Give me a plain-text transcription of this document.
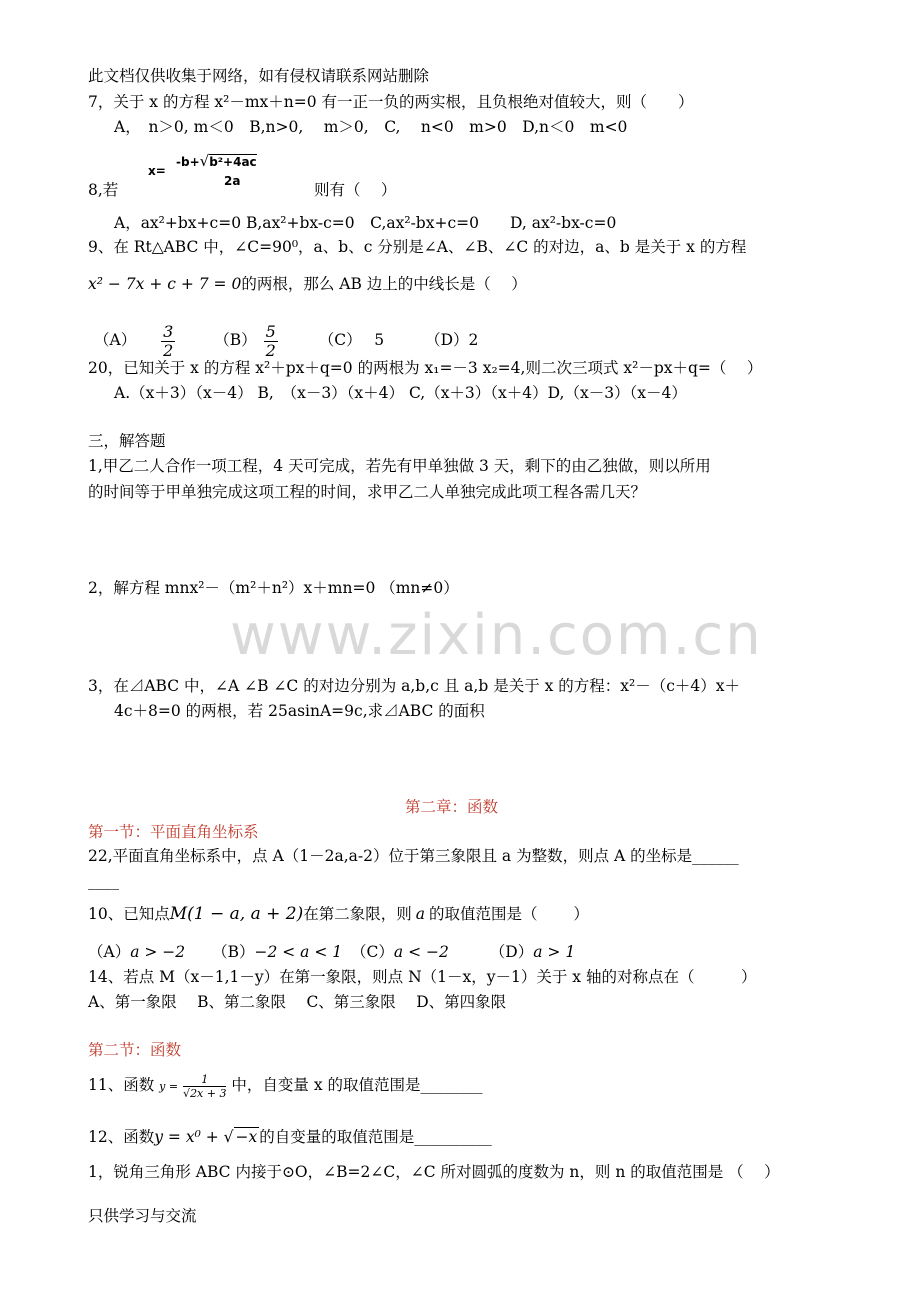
www.zixin.com.cn
此文档仅供收集于网络，如有侵权请联系网站删除
7，关于 x 的方程 x²－mx＋n=0 有一正一负的两实根，且负根绝对值较大，则（　　）
A，　n＞0, m＜0　B,n>0,　 m＞0,　C,　 n<0　m>0　D,n＜0　m<0
x=
-b+√b²+4ac
2a
8,若	则有（　 ）
A，ax²+bx+c=0 B,ax²+bx-c=0　C,ax²-bx+c=0　　D, ax²-bx-c=0
9、在 Rt△ABC 中，∠C=90⁰，a、b、c 分别是∠A、∠B、∠C 的对边，a、b 是关于 x 的方程
x² − 7x + c + 7 = 0的两根，那么 AB 边上的中线长是（　 ）
$(A) \frac{3}{2}$	$(B) \frac{5}{2}$	（C）　 5	（D）2
20，已知关于 x 的方程 x²＋px＋q=0 的两根为 x₁=－3 x₂=4,则二次三项式 x²－px＋q=（　 ）
A.（x＋3）（x－4） B,　（x－3）（x＋4） C,（x＋3）（x＋4）D,（x－3）（x－4）
三，解答题
1,甲乙二人合作一项工程，4 天可完成，若先有甲单独做 3 天，剩下的由乙独做，则以所用
的时间等于甲单独完成这项工程的时间，求甲乙二人单独完成此项工程各需几天？
2，解方程 mnx²－（m²＋n²）x＋mn=0 （mn≠0）
3，在⊿ABC 中，∠A ∠B ∠C 的对边分别为 a,b,c 且 a,b 是关于 x 的方程：x²－（c＋4）x＋
4c＋8=0 的两根，若 25asinA=9c,求⊿ABC 的面积
第二章：函数
第一节：平面直角坐标系
22,平面直角坐标系中，点 A（1－2a,a-2）位于第三象限且 a 为整数，则点 A 的坐标是______
____
10、已知点M(1 − a, a + 2)在第二象限，则 a 的取值范围是（　　 ）
（A）a > −2 （B）−2 < a < 1 （C）a < −2	（D）a > 1
14、若点 M（x－1,1－y）在第一象限，则点 N（1－x，y－1）关于 x 轴的对称点在（　　　）
A、第一象限　 B、第二象限　 C、第三象限　 D、第四象限
第二节：函数
11、函数 $y = \frac{1}{√2x + 3}$ 中，自变量 x 的取值范围是________
12、函数y = x⁰ + √ −x 的自变量的取值范围是__________
1，锐角三角形 ABC 内接于⊙O，∠B=2∠C，∠C 所对圆弧的度数为 n，则 n 的取值范围是 （　 ）
只供学习与交流
